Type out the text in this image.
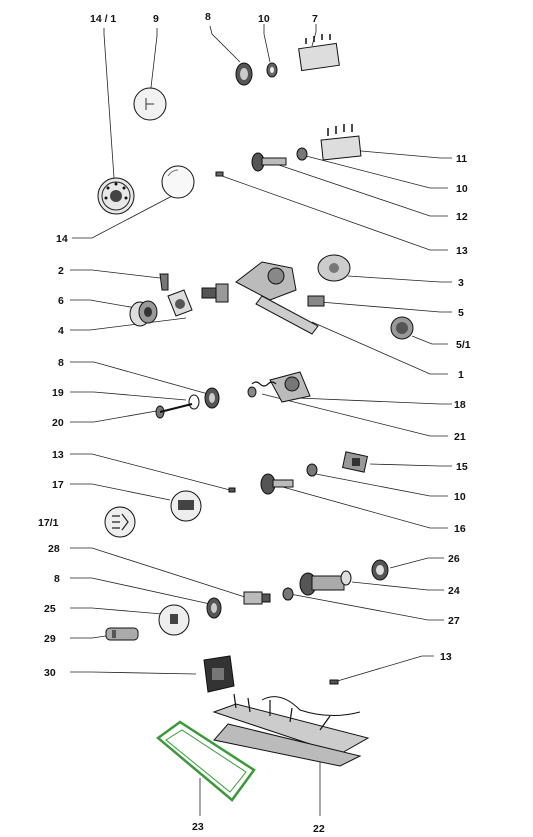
14 / 1	9	8	10	7
11
10
12
14
13
2
3
6
5
4
5/1
1
8
19
18
20
21
13
15
17
10
17/1	16
28
26
8
24
25
27
29
13
30
23	22
